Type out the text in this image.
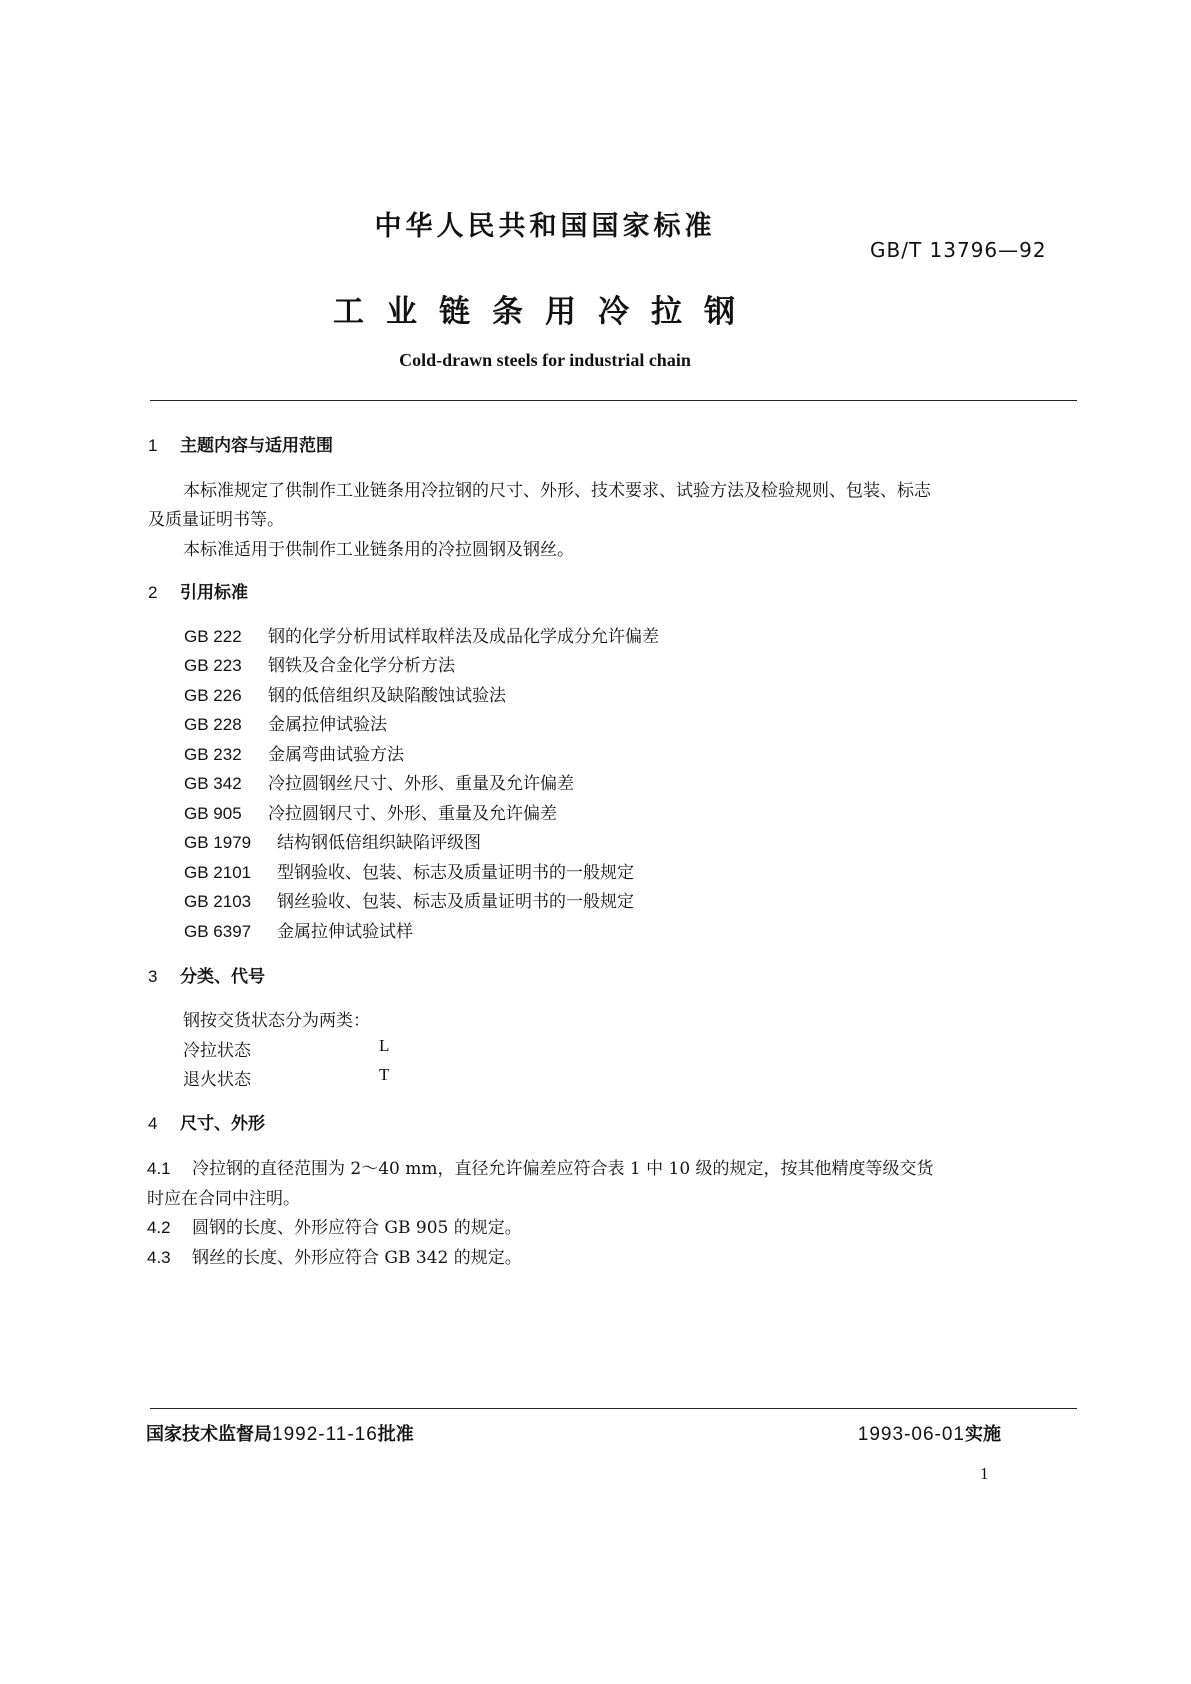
中华人民共和国国家标准
GB/T 13796—92
工业链条用冷拉钢
Cold-drawn steels for industrial chain
1 主题内容与适用范围
本标准规定了供制作工业链条用冷拉钢的尺寸、外形、技术要求、试验方法及检验规则、包装、标志
及质量证明书等。
本标准适用于供制作工业链条用的冷拉圆钢及钢丝。
2 引用标准
GB 222 钢的化学分析用试样取样法及成品化学成分允许偏差
GB 223 钢铁及合金化学分析方法
GB 226 钢的低倍组织及缺陷酸蚀试验法
GB 228 金属拉伸试验法
GB 232 金属弯曲试验方法
GB 342 冷拉圆钢丝尺寸、外形、重量及允许偏差
GB 905 冷拉圆钢尺寸、外形、重量及允许偏差
GB 1979 结构钢低倍组织缺陷评级图
GB 2101 型钢验收、包装、标志及质量证明书的一般规定
GB 2103 钢丝验收、包装、标志及质量证明书的一般规定
GB 6397 金属拉伸试验试样
3 分类、代号
钢按交货状态分为两类：
冷拉状态	L
退火状态	T
4 尺寸、外形
4.1 冷拉钢的直径范围为 2～40 mm，直径允许偏差应符合表 1 中 10 级的规定，按其他精度等级交货
时应在合同中注明。
4.2 圆钢的长度、外形应符合 GB 905 的规定。
4.3 钢丝的长度、外形应符合 GB 342 的规定。
国家技术监督局1992-11-16批准	1993-06-01实施
1
